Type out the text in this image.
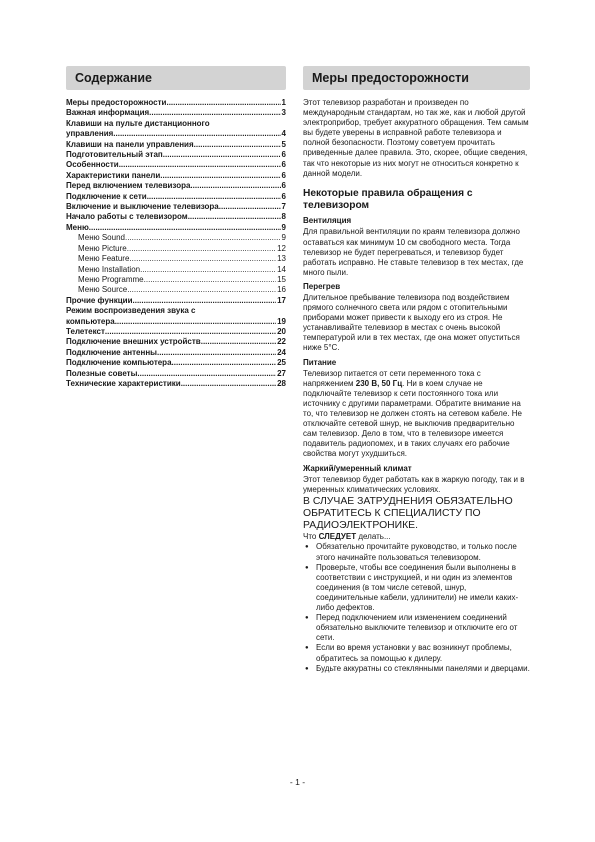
Содержание
Меры предосторожности .....	1
Важная информация .....	3
Клавиши на пульте дистанционного
управления .....	4
Клавиши на панели управления .....	5
Подготовительный этап .....	6
Особенности .....	6
Характеристики панели .....	6
Перед включением телевизора .....	6
Подключение к сети .....	6
Включение и выключение телевизора .....	7
Начало работы с телевизором .....	8
Меню .....	9
Меню Sound .....	9
Меню Picture .....	12
Меню Feature .....	13
Меню Installation .....	14
Меню Programme .....	15
Меню Source .....	16
Прочие функции .....	17
Режим воспроизведения звука с
компьютера .....	19
Телетекст .....	20
Подключение внешних устройств .....	22
Подключение антенны .....	24
Подключение компьютера .....	25
Полезные советы .....	27
Технические характеристики .....	28
Меры предосторожности
Этот телевизор разработан и произведен по международным стандартам, но так же, как и любой другой электроприбор, требует аккуратного обращения. Тем самым вы будете уверены в исправной работе телевизора и полной безопасности. Поэтому советуем прочитать приведенные далее правила. Это, скорее, общие сведения, так что некоторые из них могут не относиться конкретно к данной модели.
Некоторые правила обращения с телевизором
Вентиляция
Для правильной вентиляции по краям телевизора должно оставаться как минимум 10 см свободного места. Тогда телевизор не будет перегреваться, и телевизор будет работать исправно. Не ставьте телевизор в тех местах, где много пыли.
Перегрев
Длительное пребывание телевизора под воздействием прямого солнечного света или рядом с отопительными приборами может привести к выходу его из строя. Не устанавливайте телевизор в местах с очень высокой температурой или в тех местах, где она может опуститься ниже 5°C.
Питание
Телевизор питается от сети переменного тока с напряжением 230 В, 50 Гц. Ни в коем случае не подключайте телевизор к сети постоянного тока или источнику с другими параметрами. Обратите внимание на то, что телевизор не должен стоять на сетевом кабеле. Не отключайте сетевой шнур, не выключив предварительно сам телевизор. Дело в том, что в телевизоре имеется подавитель радиопомех, и в таких случаях его рабочие свойства могут ухудшиться.
Жаркий/умеренный климат
Этот телевизор будет работать как в жаркую погоду, так и в умеренных климатических условиях.
В СЛУЧАЕ ЗАТРУДНЕНИЯ ОБЯЗАТЕЛЬНО ОБРАТИТЕСЬ К СПЕЦИАЛИСТУ ПО РАДИОЭЛЕКТРОНИКЕ.
Что СЛЕДУЕТ делать...
● Обязательно прочитайте руководство, и только после этого начинайте пользоваться телевизором.
● Проверьте, чтобы все соединения были выполнены в соответствии с инструкцией, и ни один из элементов соединения (в том числе сетевой, шнур, соединительные кабели, удлинители) не имели каких-либо дефектов.
● Перед подключением или изменением соединений обязательно выключите телевизор и отключите его от сети.
● Если во время установки у вас возникнут проблемы, обратитесь за помощью к дилеру.
● Будьте аккуратны со стеклянными панелями и дверцами.
- 1 -
